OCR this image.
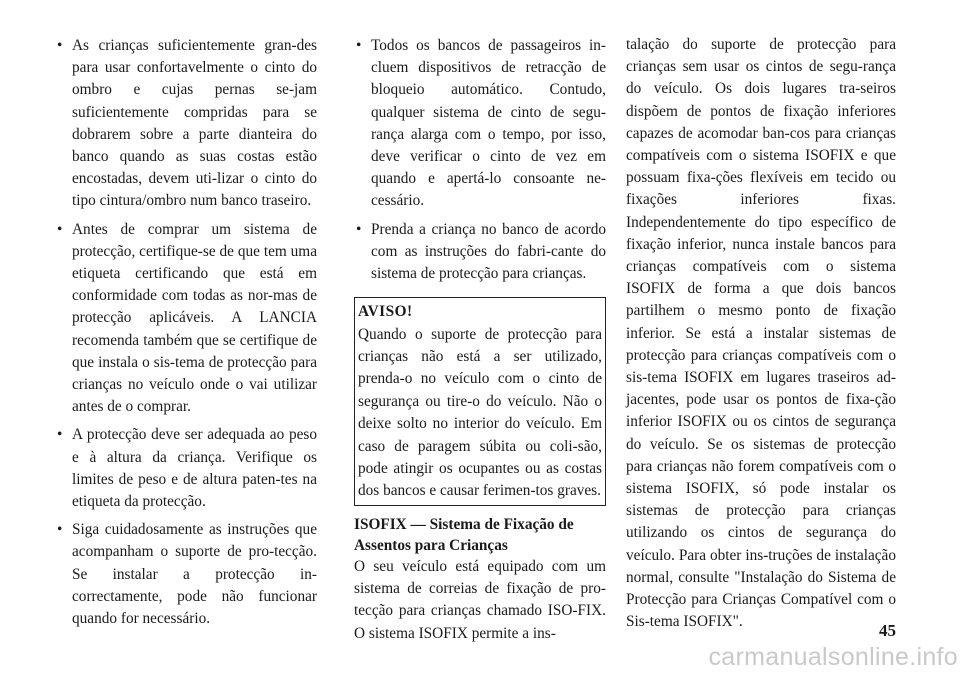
• As crianças suficientemente gran-des para usar confortavelmente o cinto do ombro e cujas pernas se-jam suficientemente compridas para se dobrarem sobre a parte dianteira do banco quando as suas costas estão encostadas, devem uti-lizar o cinto do tipo cintura/ombro num banco traseiro.
• Antes de comprar um sistema de protecção, certifique-se de que tem uma etiqueta certificando que está em conformidade com todas as nor-mas de protecção aplicáveis. A LANCIA recomenda também que se certifique de que instala o sis-tema de protecção para crianças no veículo onde o vai utilizar antes de o comprar.
• A protecção deve ser adequada ao peso e à altura da criança. Verifique os limites de peso e de altura paten-tes na etiqueta da protecção.
• Siga cuidadosamente as instruções que acompanham o suporte de pro-tecção. Se instalar a protecção in-correctamente, pode não funcionar quando for necessário.
• Todos os bancos de passageiros in-cluem dispositivos de retracção de bloqueio automático. Contudo, qualquer sistema de cinto de segu-rança alarga com o tempo, por isso, deve verificar o cinto de vez em quando e apertá-lo consoante ne-cessário.
• Prenda a criança no banco de acordo com as instruções do fabri-cante do sistema de protecção para crianças.
AVISO!

Quando o suporte de protecção para crianças não está a ser utilizado, prenda-o no veículo com o cinto de segurança ou tire-o do veículo. Não o deixe solto no interior do veículo. Em caso de paragem súbita ou coli-são, pode atingir os ocupantes ou as costas dos bancos e causar ferimen-tos graves.

ISOFIX — Sistema de Fixação de Assentos para Crianças

O seu veículo está equipado com um sistema de correias de fixação de pro-tecção para crianças chamado ISO-FIX. O sistema ISOFIX permite a ins-

talação do suporte de protecção para crianças sem usar os cintos de segu-rança do veículo. Os dois lugares tra-seiros dispõem de pontos de fixação inferiores capazes de acomodar ban-cos para crianças compatíveis com o sistema ISOFIX e que possuam fixa-ções flexíveis em tecido ou fixações inferiores fixas. Independentemente do tipo específico de fixação inferior, nunca instale bancos para crianças compatíveis com o sistema ISOFIX de forma a que dois bancos partilhem o mesmo ponto de fixação inferior. Se está a instalar sistemas de protecção para crianças compatíveis com o sis-tema ISOFIX em lugares traseiros ad-jacentes, pode usar os pontos de fixa-ção inferior ISOFIX ou os cintos de segurança do veículo. Se os sistemas de protecção para crianças não forem compatíveis com o sistema ISOFIX, só pode instalar os sistemas de protecção para crianças utilizando os cintos de segurança do veículo. Para obter ins-truções de instalação normal, consulte "Instalação do Sistema de Protecção para Crianças Compatível com o Sis-tema ISOFIX".	45
carmanualsonline.info
